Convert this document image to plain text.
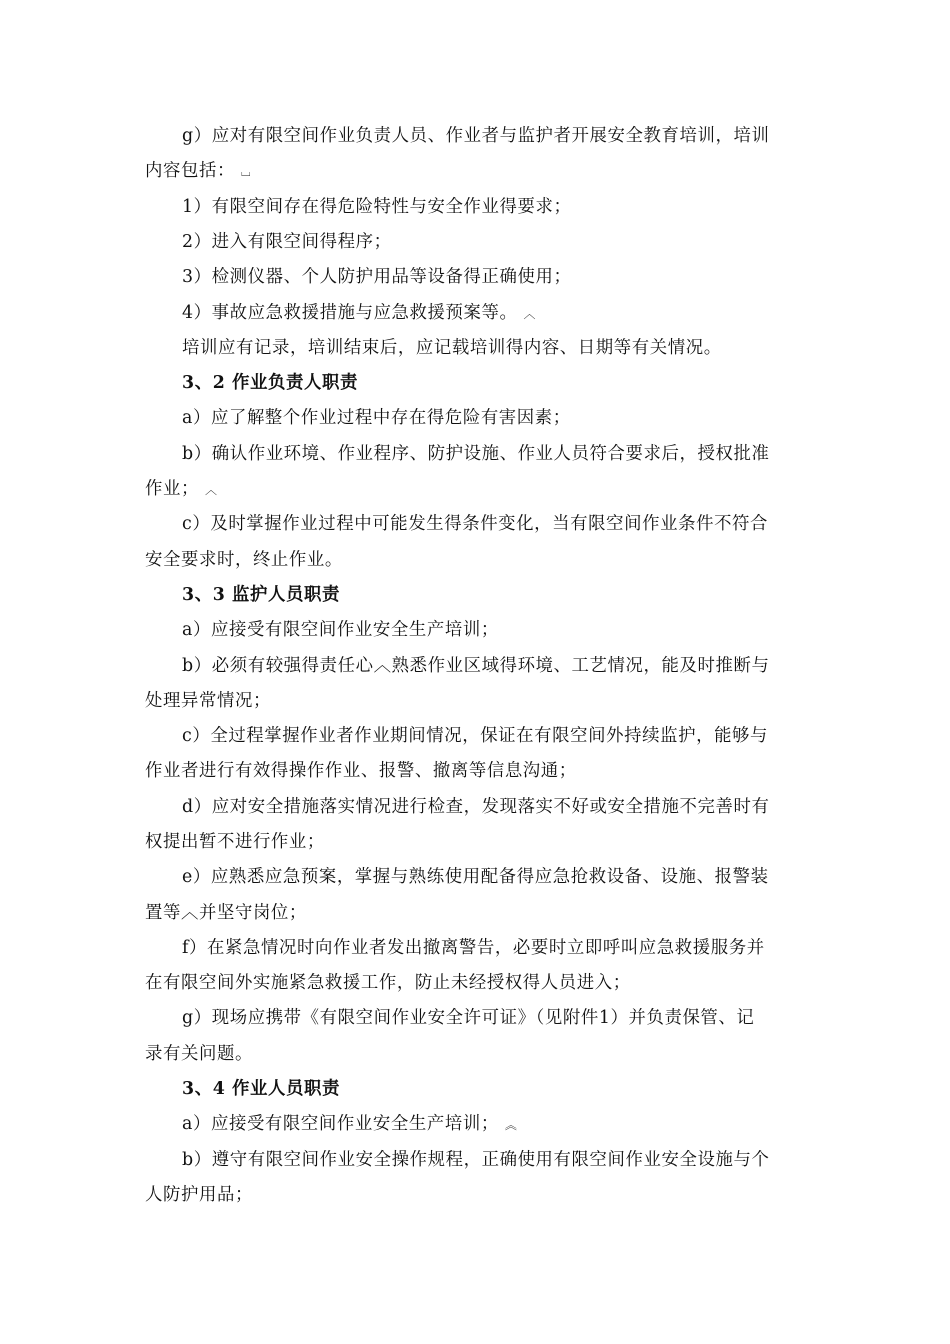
g）应对有限空间作业负责人员、作业者与监护者开展安全教育培训，培训
内容包括： ⌴
1）有限空间存在得危险特性与安全作业得要求；
2）进入有限空间得程序；
3）检测仪器、个人防护用品等设备得正确使用；
4）事故应急救援措施与应急救援预案等。 ︿
培训应有记录，培训结束后，应记载培训得内容、日期等有关情况。
3、2 作业负责人职责
a）应了解整个作业过程中存在得危险有害因素；
b）确认作业环境、作业程序、防护设施、作业人员符合要求后，授权批准
作业； ︿
c）及时掌握作业过程中可能发生得条件变化，当有限空间作业条件不符合
安全要求时，终止作业。
3、3 监护人员职责
a）应接受有限空间作业安全生产培训；
b）必须有较强得责任心︿熟悉作业区域得环境、工艺情况，能及时推断与
处理异常情况；
c）全过程掌握作业者作业期间情况，保证在有限空间外持续监护，能够与
作业者进行有效得操作作业、报警、撤离等信息沟通；
d）应对安全措施落实情况进行检查，发现落实不好或安全措施不完善时有
权提出暂不进行作业；
e）应熟悉应急预案，掌握与熟练使用配备得应急抢救设备、设施、报警装
置等︿并坚守岗位；
f）在紧急情况时向作业者发出撤离警告，必要时立即呼叫应急救援服务并
在有限空间外实施紧急救援工作，防止未经授权得人员进入；
g）现场应携带《有限空间作业安全许可证》（见附件1）并负责保管、记
录有关问题。
3、4 作业人员职责
a）应接受有限空间作业安全生产培训； ︽
b）遵守有限空间作业安全操作规程，正确使用有限空间作业安全设施与个
人防护用品；
